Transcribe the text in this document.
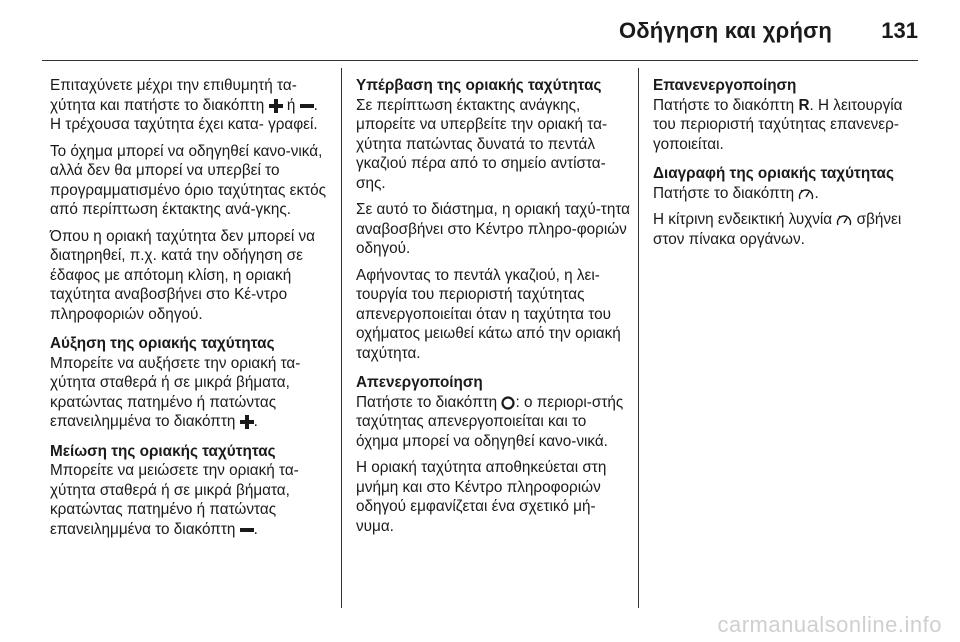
Οδήγηση και χρήση 131

Επιταχύνετε μέχρι την επιθυμητή τα- χύτητα και πατήστε το διακόπτη ή . Η τρέχουσα ταχύτητα έχει κατα- γραφεί.

Το όχημα μπορεί να οδηγηθεί κανο-νικά, αλλά δεν θα μπορεί να υπερβεί το προγραμματισμένο όριο ταχύτητας εκτός από περίπτωση έκτακτης ανά-γκης.

Όπου η οριακή ταχύτητα δεν μπορεί να διατηρηθεί, π.χ. κατά την οδήγηση σε έδαφος με απότομη κλίση, η οριακή ταχύτητα αναβοσβήνει στο Κέ-ντρο πληροφοριών οδηγού.

Αύξηση της οριακής ταχύτητας

Μπορείτε να αυξήσετε την οριακή τα-χύτητα σταθερά ή σε μικρά βήματα, κρατώντας πατημένο ή πατώντας επανειλημμένα το διακόπτη .

Μείωση της οριακής ταχύτητας

Μπορείτε να μειώσετε την οριακή τα-χύτητα σταθερά ή σε μικρά βήματα, κρατώντας πατημένο ή πατώντας επανειλημμένα το διακόπτη .

Υπέρβαση της οριακής ταχύτητας

Σε περίπτωση έκτακτης ανάγκης, μπορείτε να υπερβείτε την οριακή τα-χύτητα πατώντας δυνατά το πεντάλ γκαζιού πέρα από το σημείο αντίστα-σης.

Σε αυτό το διάστημα, η οριακή ταχύ-τητα αναβοσβήνει στο Κέντρο πληρο-φοριών οδηγού.

Αφήνοντας το πεντάλ γκαζιού, η λει-τουργία του περιοριστή ταχύτητας απενεργοποιείται όταν η ταχύτητα του οχήματος μειωθεί κάτω από την οριακή ταχύτητα.

Απενεργοποίηση

Πατήστε το διακόπτη : ο περιορι-στής ταχύτητας απενεργοποιείται και το όχημα μπορεί να οδηγηθεί κανο-νικά.

Η οριακή ταχύτητα αποθηκεύεται στη μνήμη και στο Κέντρο πληροφοριών οδηγού εμφανίζεται ένα σχετικό μή-νυμα.

Επανενεργοποίηση

Πατήστε το διακόπτη R. Η λειτουργία του περιοριστή ταχύτητας επανενερ-γοποιείται.

Διαγραφή της οριακής ταχύτητας

Πατήστε το διακόπτη .

Η κίτρινη ενδεικτική λυχνία σβήνει στον πίνακα οργάνων.

carmanualsonline.info
